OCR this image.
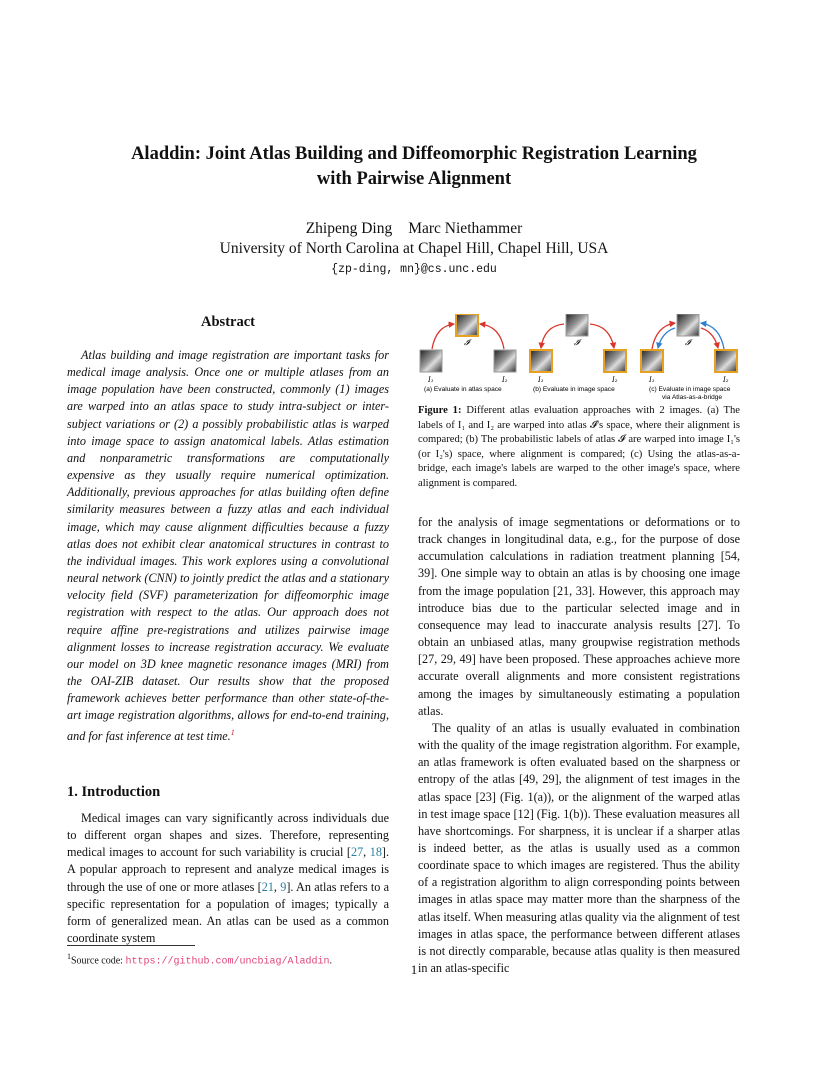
Aladdin: Joint Atlas Building and Diffeomorphic Registration Learning
with Pairwise Alignment
Zhipeng Ding Marc Niethammer
University of North Carolina at Chapel Hill, Chapel Hill, USA
{zp-ding, mn}@cs.unc.edu
Abstract

Atlas building and image registration are important tasks for medical image analysis. Once one or multiple atlases from an image population have been constructed, commonly (1) images are warped into an atlas space to study intra-subject or inter-subject variations or (2) a possibly probabilistic atlas is warped into image space to assign anatomical labels. Atlas estimation and nonparametric transformations are computationally expensive as they usually require numerical optimization. Additionally, previous approaches for atlas building often define similarity measures between a fuzzy atlas and each individual image, which may cause alignment difficulties because a fuzzy atlas does not exhibit clear anatomical structures in contrast to the individual images. This work explores using a convolutional neural network (CNN) to jointly predict the atlas and a stationary velocity field (SVF) parameterization for diffeomorphic image registration with respect to the atlas. Our approach does not require affine pre-registrations and utilizes pairwise image alignment losses to increase registration accuracy. We evaluate our model on 3D knee magnetic resonance images (MRI) from the OAI-ZIB dataset. Our results show that the proposed framework achieves better performance than other state-of-the-art image registration algorithms, allows for end-to-end training, and for fast inference at test time.$^1$

1. Introduction

Medical images can vary significantly across individuals due to different organ shapes and sizes. Therefore, representing medical images to account for such variability is crucial [27, 18]. A popular approach to represent and analyze medical images is through the use of one or more atlases [21, 9]. An atlas refers to a specific representation for a population of images; typically a form of generalized mean. An atlas can be used as a common coordinate system

$^1$Source code: https://github.com/uncbiag/Aladdin.
𝓘
I₁	I₂
(a) Evaluate in atlas space
𝓘
I₁	I₂
(b) Evaluate in image space
𝓘
I₁	I₂
(c) Evaluate in image space
via Atlas-as-a-bridge
Figure 1: Different atlas evaluation approaches with 2 images. (a) The labels of I₁ and I₂ are warped into atlas 𝓘's space, where their alignment is compared; (b) The probabilistic labels of atlas 𝓘 are warped into image I₁'s (or I₂'s) space, where alignment is compared; (c) Using the atlas-as-a-bridge, each image's labels are warped to the other image's space, where alignment is compared.

for the analysis of image segmentations or deformations or to track changes in longitudinal data, e.g., for the purpose of dose accumulation calculations in radiation treatment planning [54, 39]. One simple way to obtain an atlas is by choosing one image from the image population [21, 33]. However, this approach may introduce bias due to the particular selected image and in consequence may lead to inaccurate analysis results [27]. To obtain an unbiased atlas, many groupwise registration methods [27, 29, 49] have been proposed. These approaches achieve more accurate overall alignments and more consistent registrations among the images by simultaneously estimating a population atlas.

The quality of an atlas is usually evaluated in combination with the quality of the image registration algorithm. For example, an atlas framework is often evaluated based on the sharpness or entropy of the atlas [49, 29], the alignment of test images in the atlas space [23] (Fig. 1(a)), or the alignment of the warped atlas in test image space [12] (Fig. 1(b)). These evaluation measures all have shortcomings. For sharpness, it is unclear if a sharper atlas is indeed better, as the atlas is usually used as a common coordinate space to which images are registered. Thus the ability of a registration algorithm to align corresponding points between images in atlas space may matter more than the sharpness of the atlas itself. When measuring atlas quality via the alignment of test images in atlas space, the performance between different atlases is not directly comparable, because atlas quality is then measured in an atlas-specific

1
